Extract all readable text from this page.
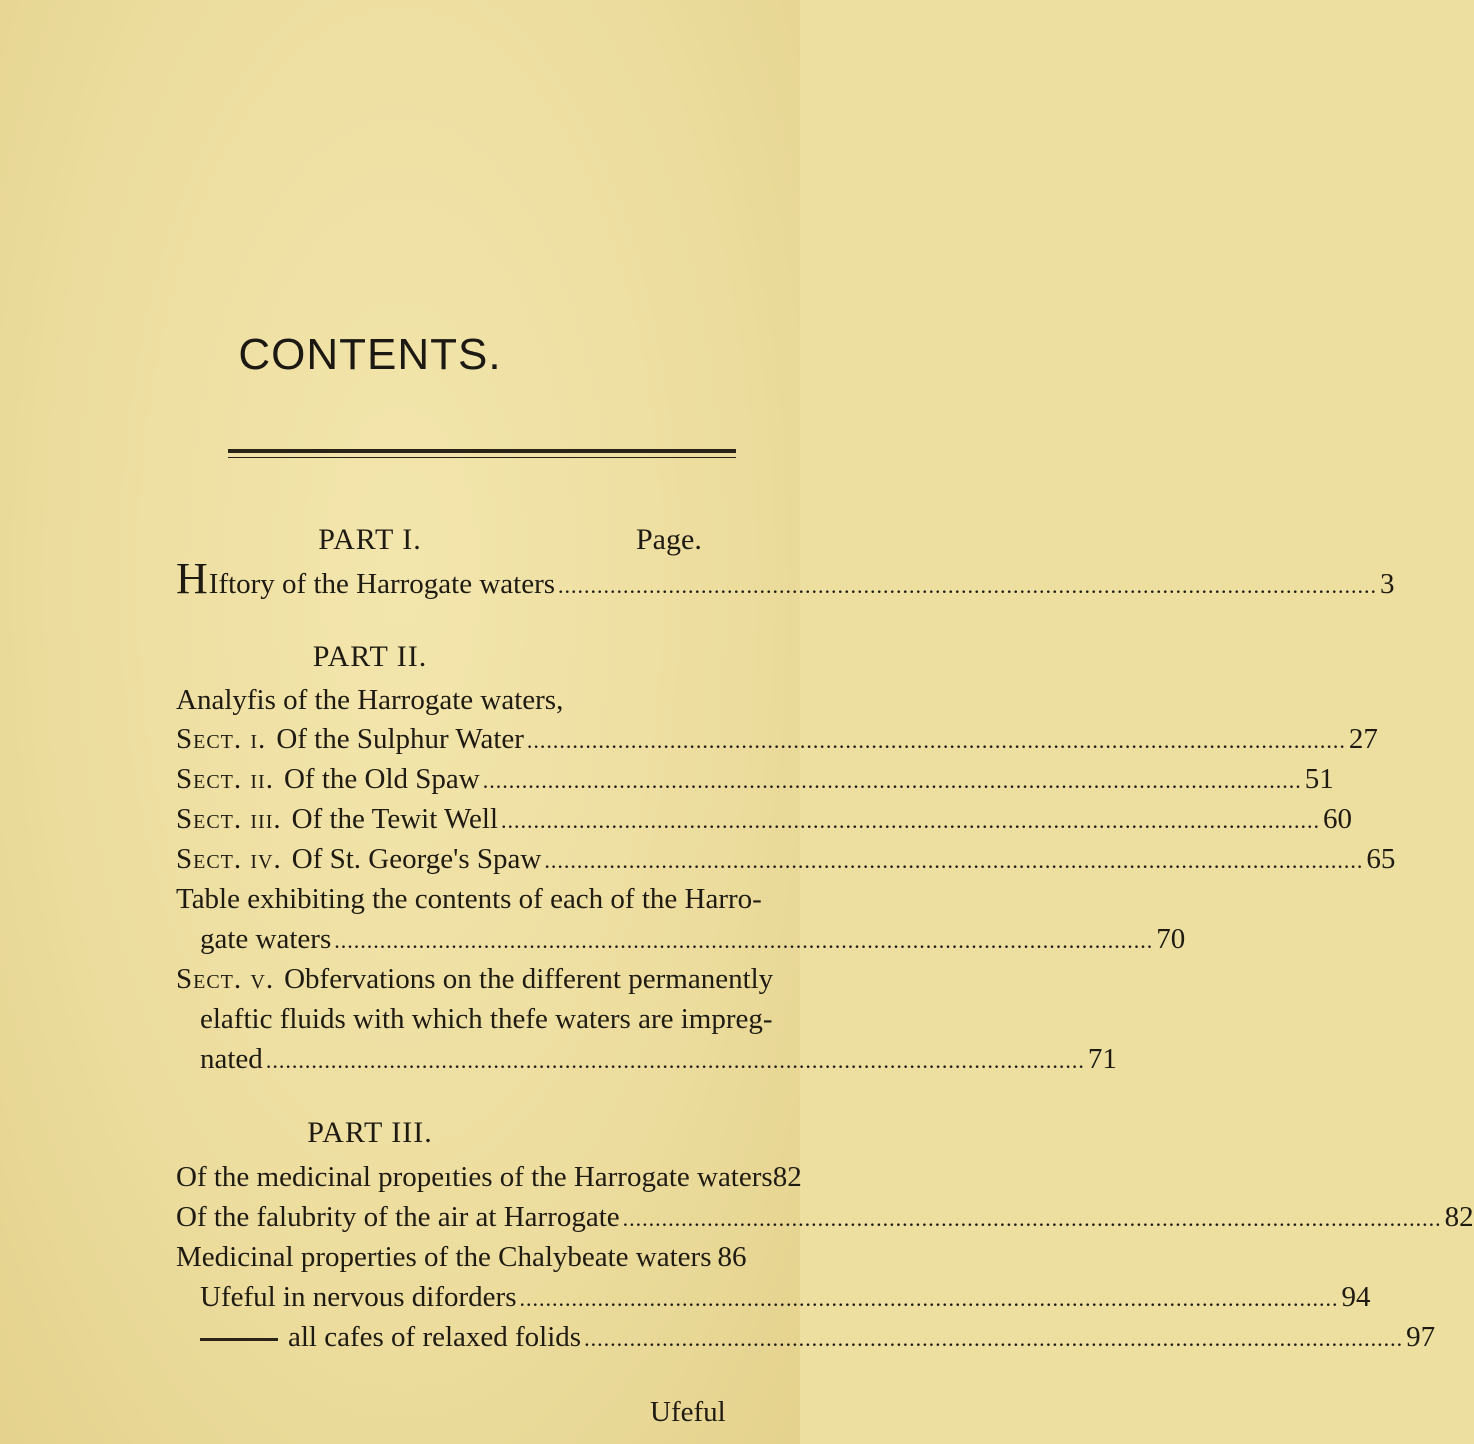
CONTENTS.
PART I.	Page.
HIftory of the Harrogate waters .............................................................................................................................. 3
PART II.
Analyfis of the Harrogate waters,
Sect. i. Of the Sulphur Water .............................................................................................................................. 27
Sect. ii. Of the Old Spaw .............................................................................................................................. 51
Sect. iii. Of the Tewit Well .............................................................................................................................. 60
Sect. iv. Of St. George's Spaw .............................................................................................................................. 65
Table exhibiting the contents of each of the Harro-
gate waters .............................................................................................................................. 70
Sect. v. Obfervations on the different permanently
elaftic fluids with which thefe waters are impreg-
nated .............................................................................................................................. 71
PART III.
Of the medicinal propeıties of the Harrogate waters 82
Of the falubrity of the air at Harrogate .............................................................................................................................. 82
Medicinal properties of the Chalybeate waters 86
Ufeful in nervous diforders .............................................................................................................................. 94
all cafes of relaxed folids .............................................................................................................................. 97
Ufeful
